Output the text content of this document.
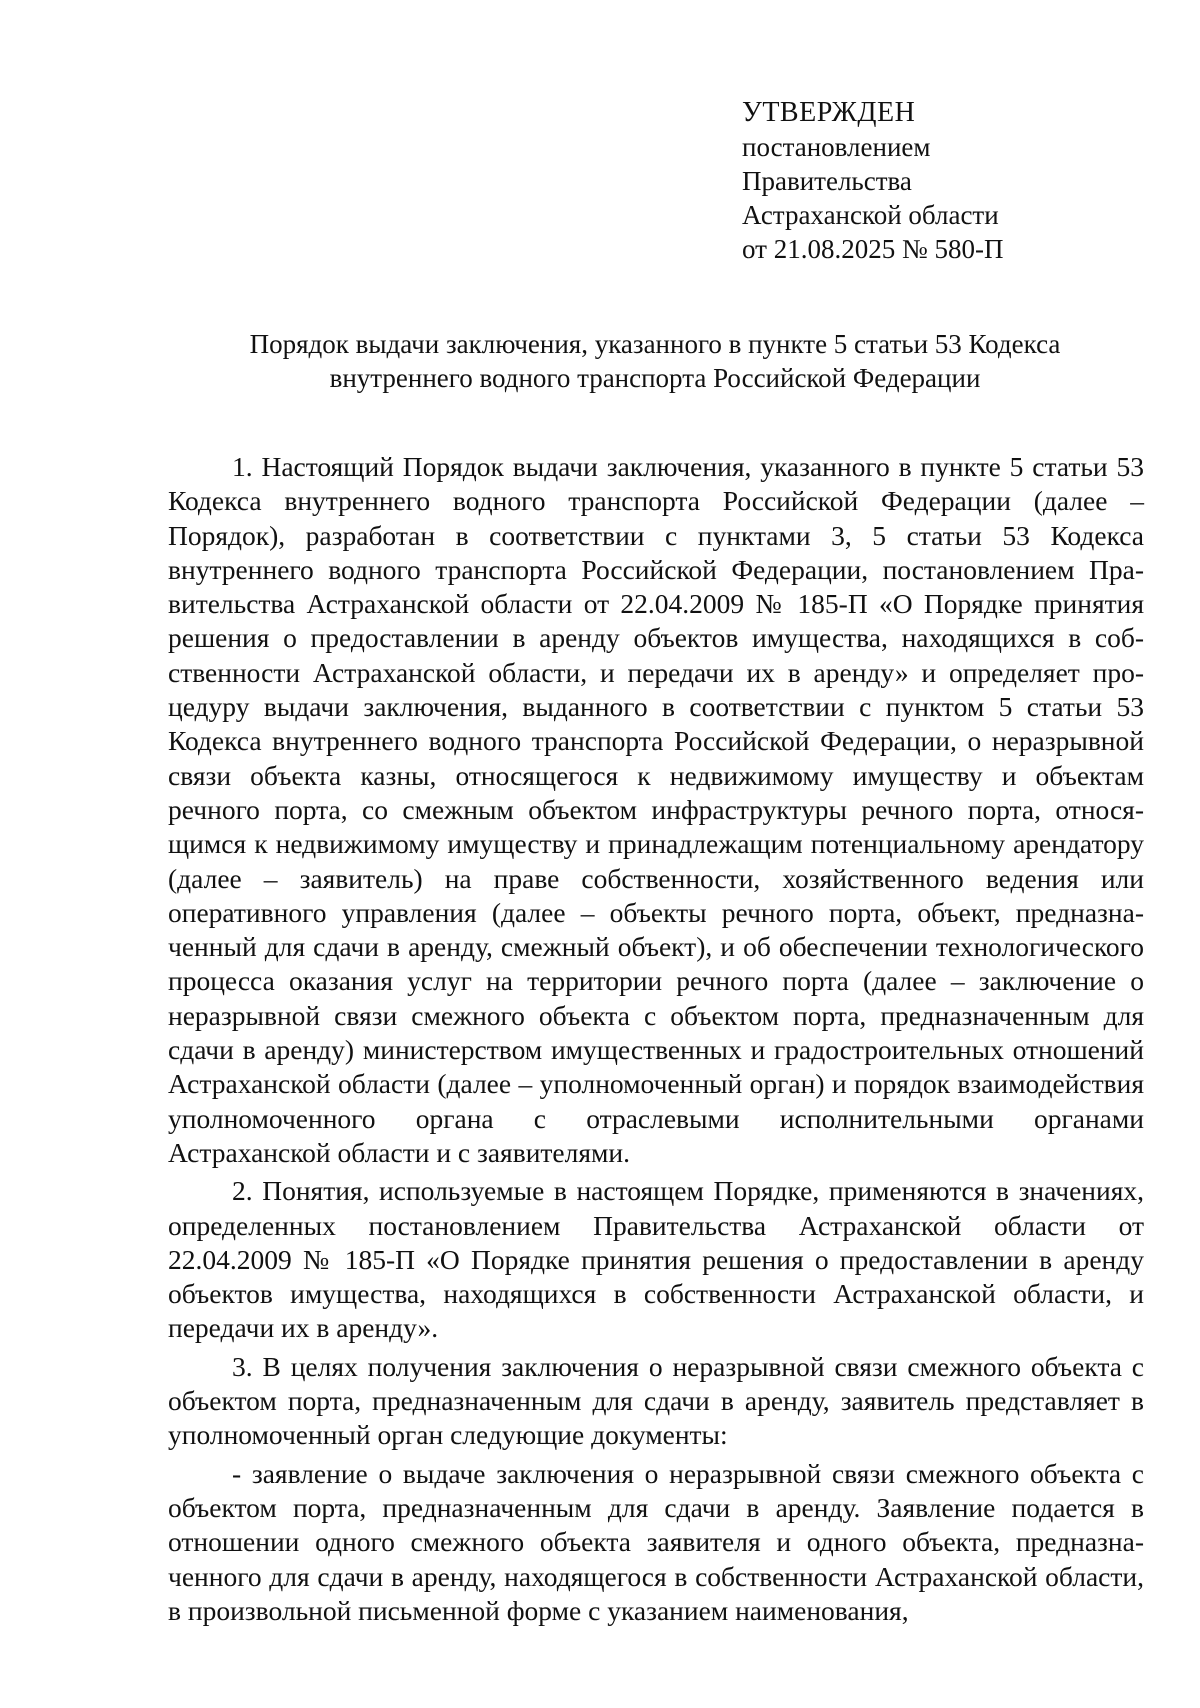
УТВЕРЖДЕН
постановлением
Правительства
Астраханской области
от 21.08.2025 № 580-П
Порядок выдачи заключения, указанного в пункте 5 статьи 53 Кодекса
внутреннего водного транспорта Российской Федерации

1. Настоящий Порядок выдачи заключения, указанного в пункте 5 статьи 53 Кодекса внутреннего водного транспорта Российской Федерации (далее – Порядок), разработан в соответствии с пунктами 3, 5 статьи 53 Кодекса внутреннего водного транспорта Российской Федерации, постановлением Правительства Астраханской области от 22.04.2009 № 185-П «О Порядке принятия решения о предоставлении в аренду объектов имущества, находящихся в собственности Астраханской области, и передачи их в аренду» и определяет процедуру выдачи заключения, выданного в соответствии с пунктом 5 статьи 53 Кодекса внутреннего водного транспорта Российской Федерации, о неразрывной связи объекта казны, относящегося к недвижимому имуществу и объектам речного порта, со смежным объектом инфраструктуры речного порта, относящимся к недвижимому имуществу и принадлежащим потенциальному арендатору (далее – заявитель) на праве собственности, хозяйственного ведения или оперативного управления (далее – объекты речного порта, объект, предназначенный для сдачи в аренду, смежный объект), и об обеспечении технологического процесса оказания услуг на территории речного порта (далее – заключение о неразрывной связи смежного объекта с объектом порта, предназначенным для сдачи в аренду) министерством имущественных и градостроительных отношений Астраханской области (далее – уполномоченный орган) и порядок взаимодействия уполномоченного органа с отраслевыми исполнительными органами Астраханской области и с заявителями.

2. Понятия, используемые в настоящем Порядке, применяются в значениях, определенных постановлением Правительства Астраханской области от 22.04.2009 № 185-П «О Порядке принятия решения о предоставлении в аренду объектов имущества, находящихся в собственности Астраханской области, и передачи их в аренду».

3. В целях получения заключения о неразрывной связи смежного объекта с объектом порта, предназначенным для сдачи в аренду, заявитель представляет в уполномоченный орган следующие документы:

- заявление о выдаче заключения о неразрывной связи смежного объекта с объектом порта, предназначенным для сдачи в аренду. Заявление подается в отношении одного смежного объекта заявителя и одного объекта, предназначенного для сдачи в аренду, находящегося в собственности Астраханской области, в произвольной письменной форме с указанием наименования,
